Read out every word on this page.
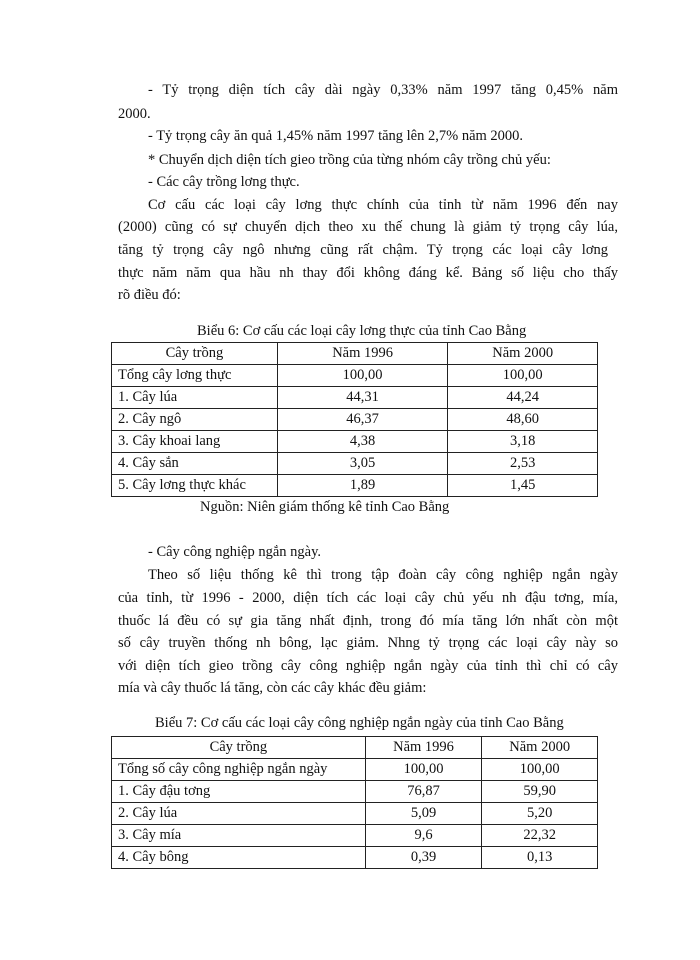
- Tỷ trọng diện tích cây dài ngày 0,33% năm 1997 tăng 0,45% năm
2000.
- Tỷ trọng cây ăn quả 1,45% năm 1997 tăng lên 2,7% năm 2000.
* Chuyển dịch diện tích gieo trồng của từng nhóm cây trồng chủ yếu:
- Các cây trồng lơng thực.
Cơ cấu các loại cây lơng thực chính của tỉnh từ năm 1996 đến nay
(2000) cũng có sự chuyển dịch theo xu thế chung là giảm tỷ trọng cây lúa,
tăng tỷ trọng cây ngô nhưng cũng rất chậm. Tỷ trọng các loại cây lơng
thực năm năm qua hầu nh thay đổi không đáng kể. Bảng số liệu cho thấy
rõ điều đó:
Biểu 6: Cơ cấu các loại cây lơng thực của tỉnh Cao Bằng
Cây trồng	Năm 1996	Năm 2000
Tổng cây lơng thực	100,00	100,00
1. Cây lúa	44,31	44,24
2. Cây ngô	46,37	48,60
3. Cây khoai lang	4,38	3,18
4. Cây sắn	3,05	2,53
5. Cây lơng thực khác	1,89	1,45
Nguồn: Niên giám thống kê tỉnh Cao Bằng
- Cây công nghiệp ngắn ngày.
Theo số liệu thống kê thì trong tập đoàn cây công nghiệp ngắn ngày
của tỉnh, từ 1996 - 2000, diện tích các loại cây chủ yếu nh đậu tơng, mía,
thuốc lá đều có sự gia tăng nhất định, trong đó mía tăng lớn nhất còn một
số cây truyền thống nh bông, lạc giảm. Nhng tỷ trọng các loại cây này so
với diện tích gieo trồng cây công nghiệp ngắn ngày của tỉnh thì chỉ có cây
mía và cây thuốc lá tăng, còn các cây khác đều giảm:
Biểu 7: Cơ cấu các loại cây công nghiệp ngắn ngày của tỉnh Cao Bằng
Cây trồng	Năm 1996	Năm 2000
Tổng số cây công nghiệp ngắn ngày	100,00	100,00
1. Cây đậu tơng	76,87	59,90
2. Cây lúa	5,09	5,20
3. Cây mía	9,6	22,32
4. Cây bông	0,39	0,13
